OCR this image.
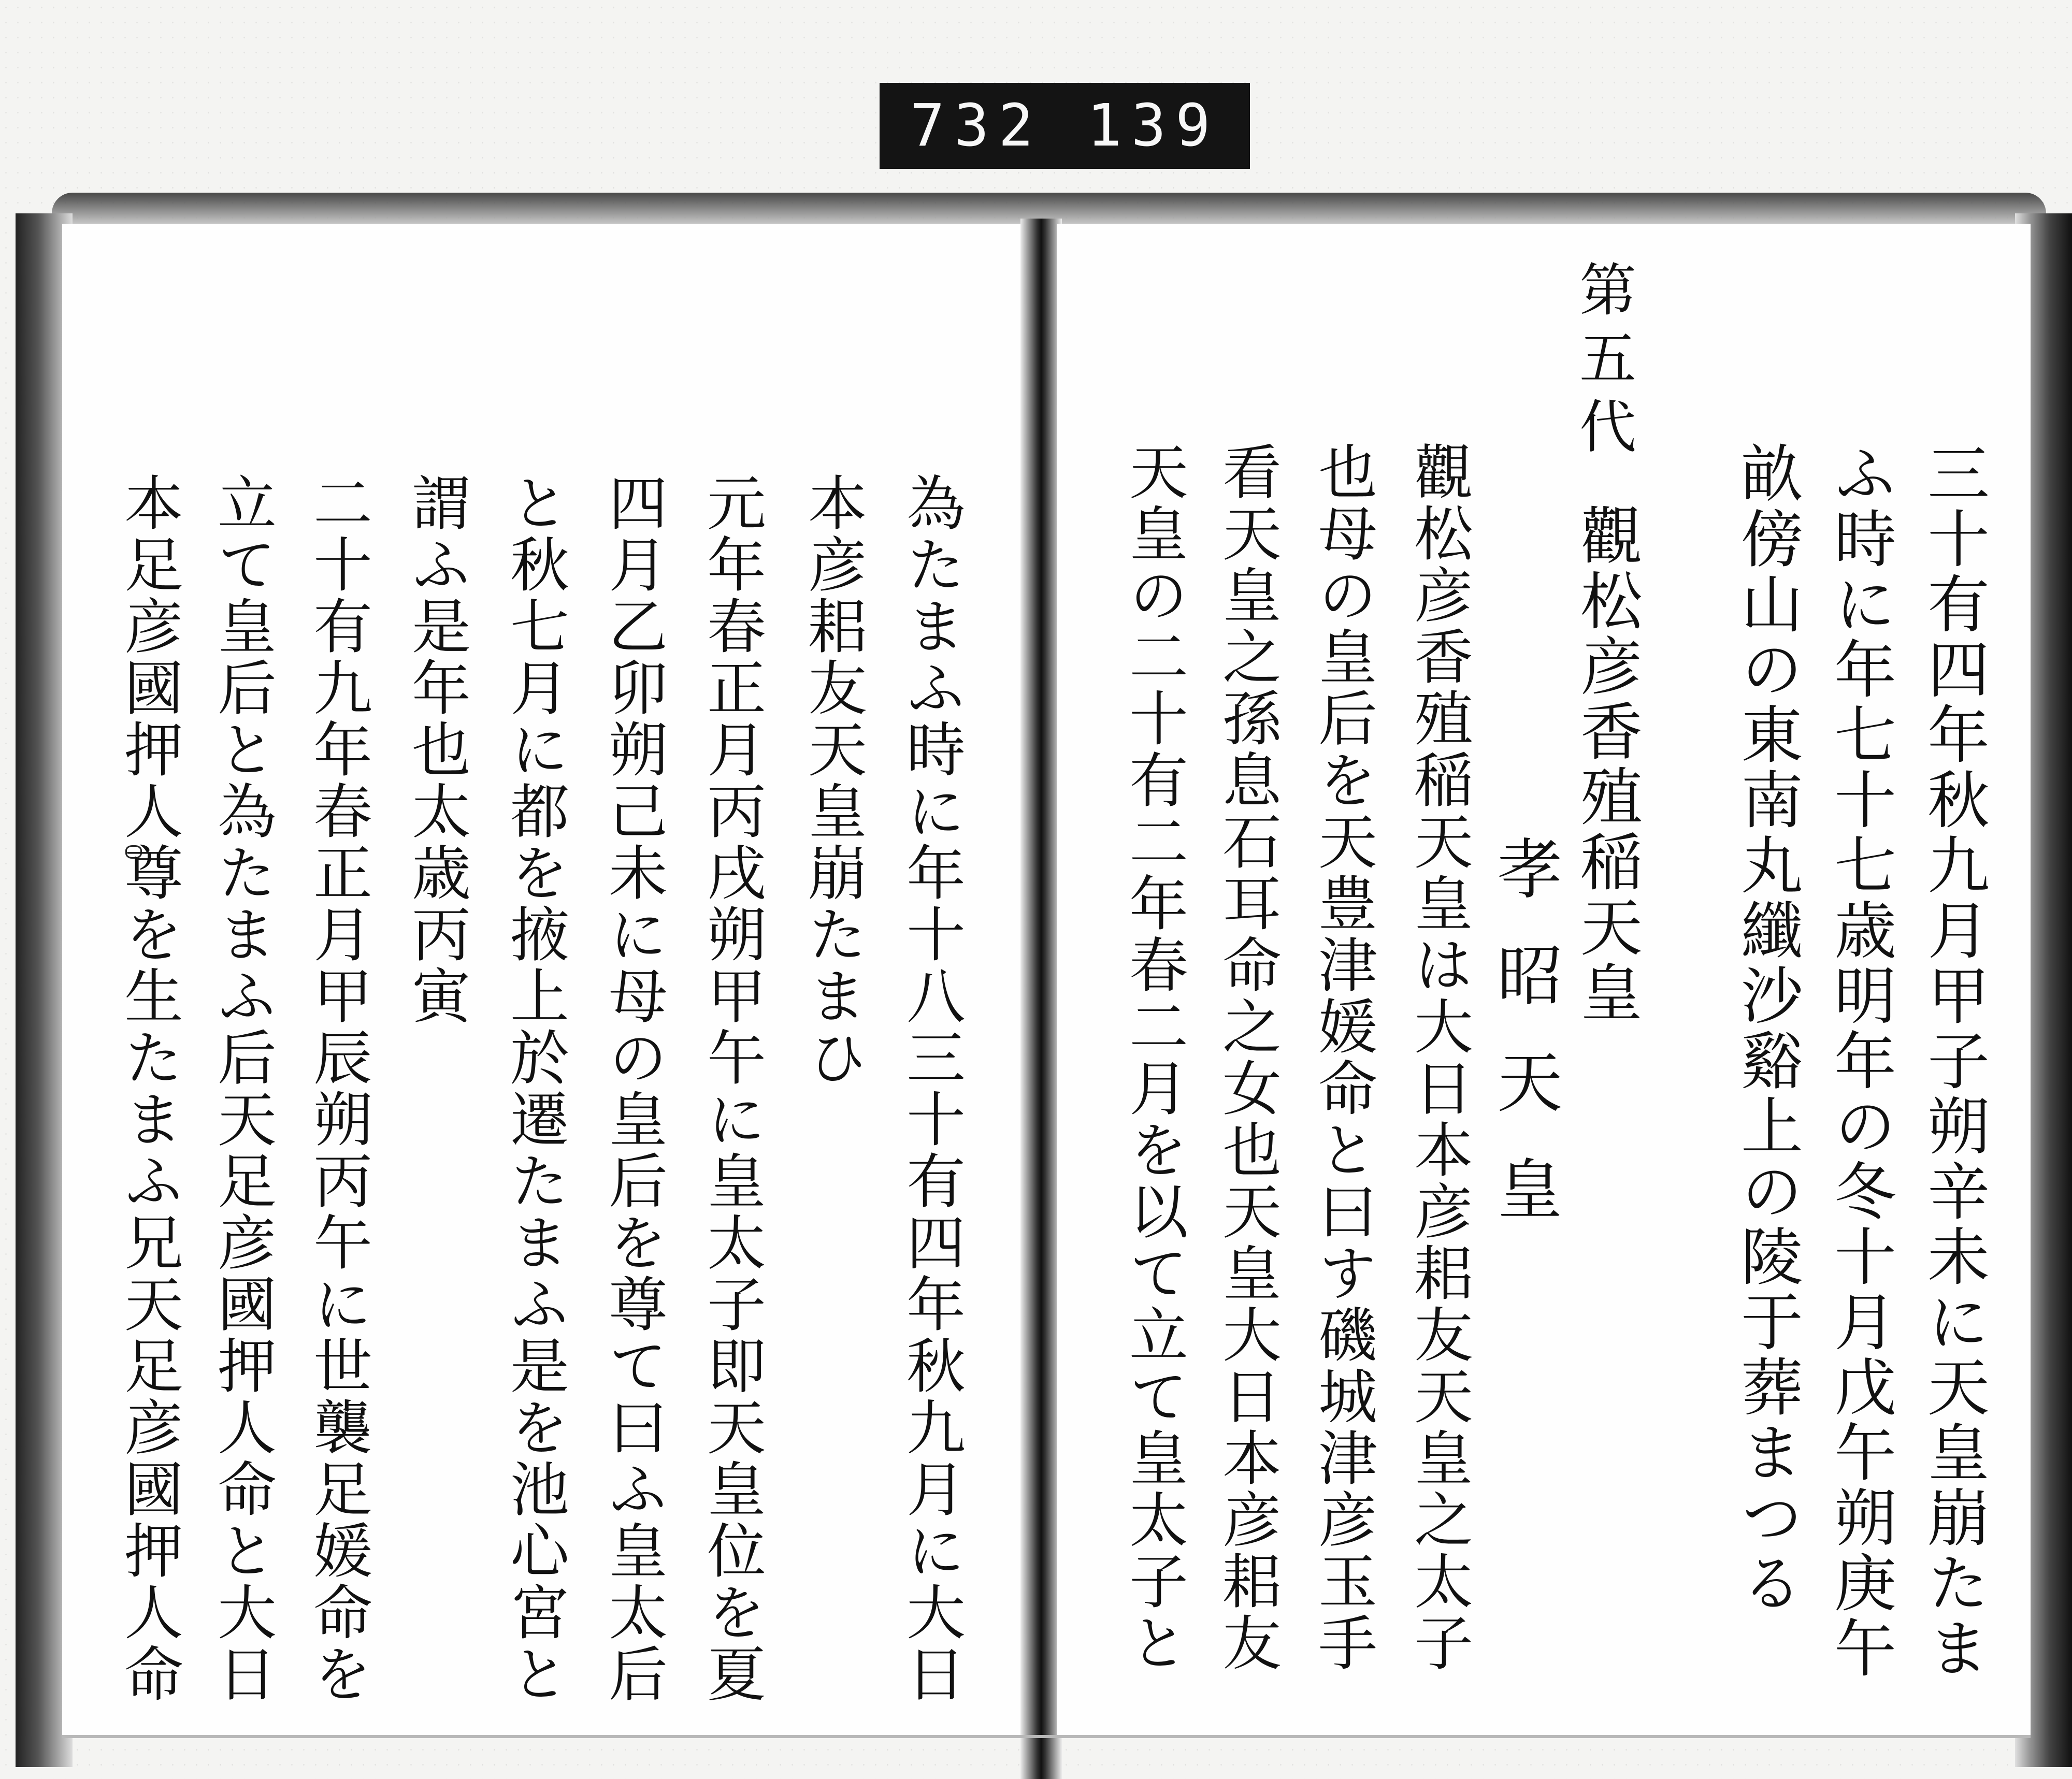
732 139
為たまふ時に年十八三十有四年秋九月に大日
本彦耜友天皇崩たまひ
元年春正月丙戌朔甲午に皇太子即天皇位を夏
四月乙卯朔己未に母の皇后を尊て曰ふ皇太后
と秋七月に都を掖上於遷たまふ是を池心宮と
謂ふ是年也太歳丙寅
二十有九年春正月甲辰朔丙午に世襲足媛命を
立て皇后と為たまふ后天足彦國押人命と大日
本足彦國押人尊を生たまふ兄天足彦國押人命	三十有四年秋九月甲子朔辛未に天皇崩たま
ふ時に年七十七歳明年の冬十月戊午朔庚午
畝傍山の東南丸纖沙谿上の陵于葬まつる
第五代
觀松彦香殖稲天皇
孝昭天皇
觀松彦香殖稲天皇は大日本彦耜友天皇之太子
也母の皇后を天豊津媛命と曰す磯城津彦玉手
看天皇之孫息石耳命之女也天皇大日本彦耜友
天皇の二十有二年春二月を以て立て皇太子と
